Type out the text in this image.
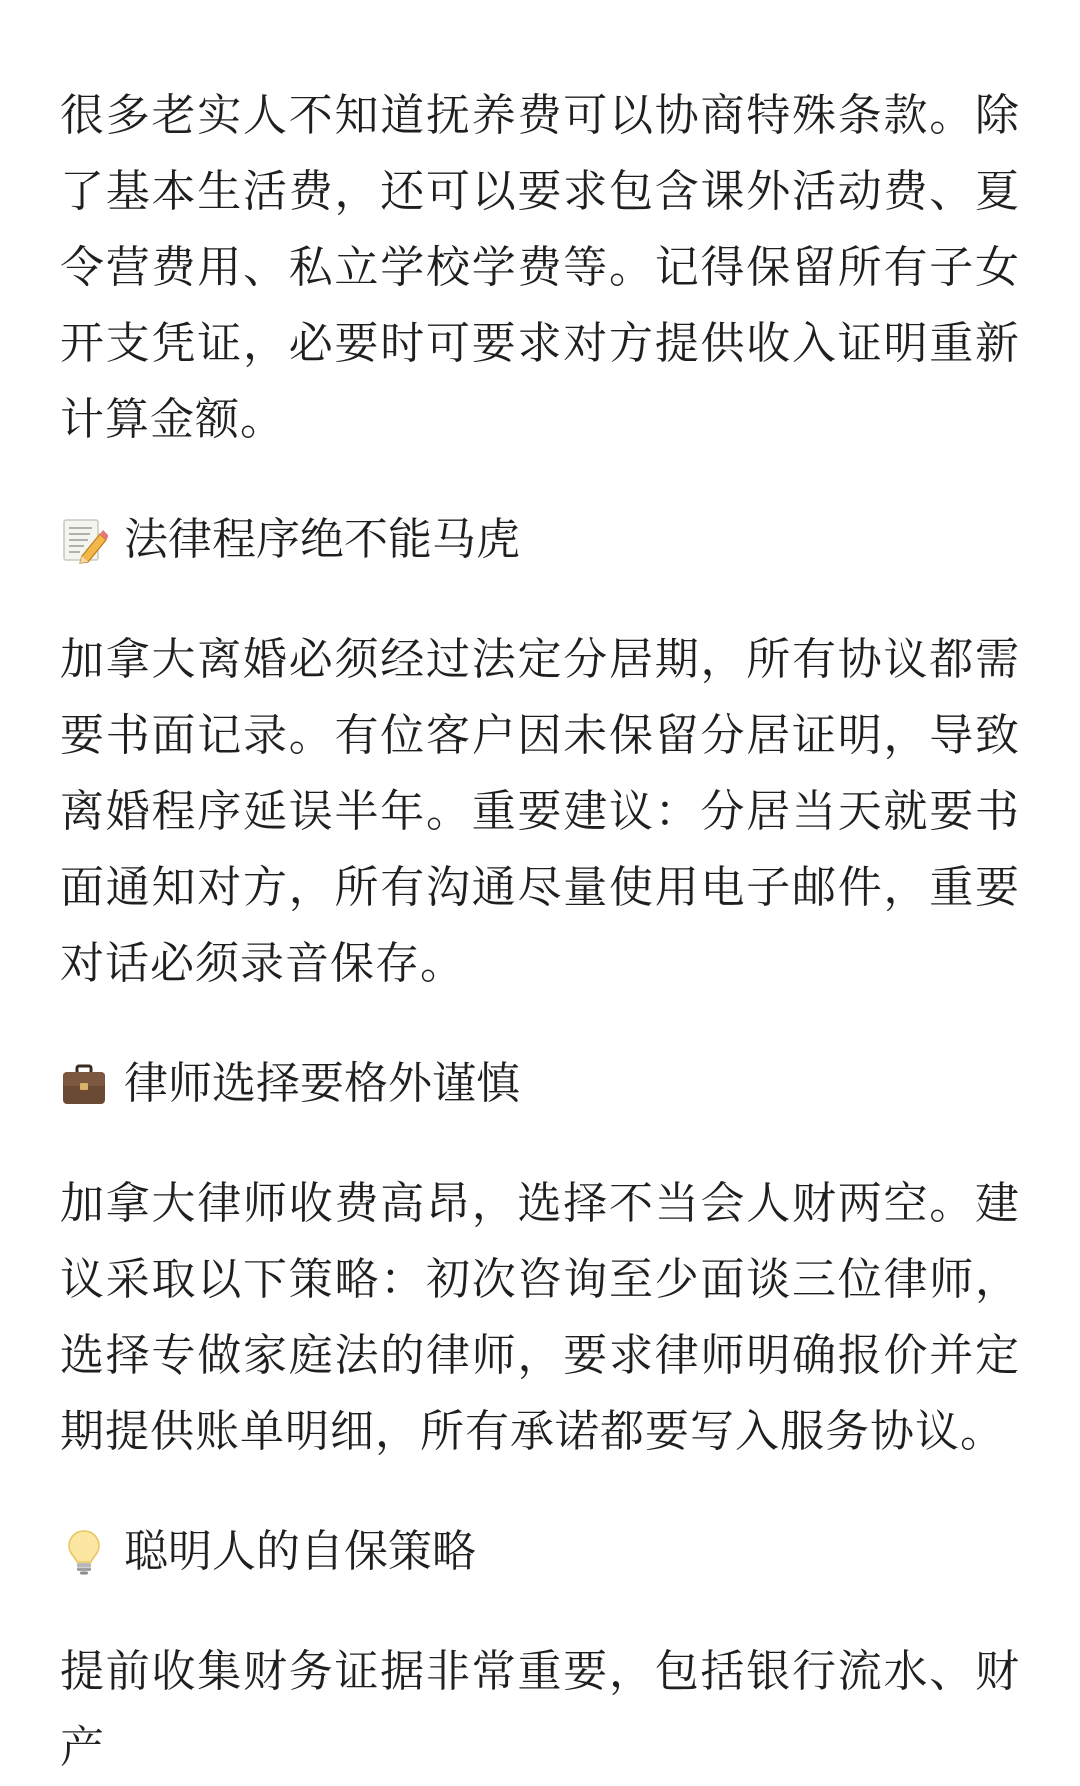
很多老实人不知道抚养费可以协商特殊条款。除了基本生活费，还可以要求包含课外活动费、夏令营费用、私立学校学费等。记得保留所有子女开支凭证，必要时可要求对方提供收入证明重新计算金额。

法律程序绝不能马虎

加拿大离婚必须经过法定分居期，所有协议都需要书面记录。有位客户因未保留分居证明，导致离婚程序延误半年。重要建议：分居当天就要书面通知对方，所有沟通尽量使用电子邮件，重要对话必须录音保存。

律师选择要格外谨慎

加拿大律师收费高昂，选择不当会人财两空。建议采取以下策略：初次咨询至少面谈三位律师，选择专做家庭法的律师，要求律师明确报价并定期提供账单明细，所有承诺都要写入服务协议。

聪明人的自保策略

提前收集财务证据非常重要，包括银行流水、财产
